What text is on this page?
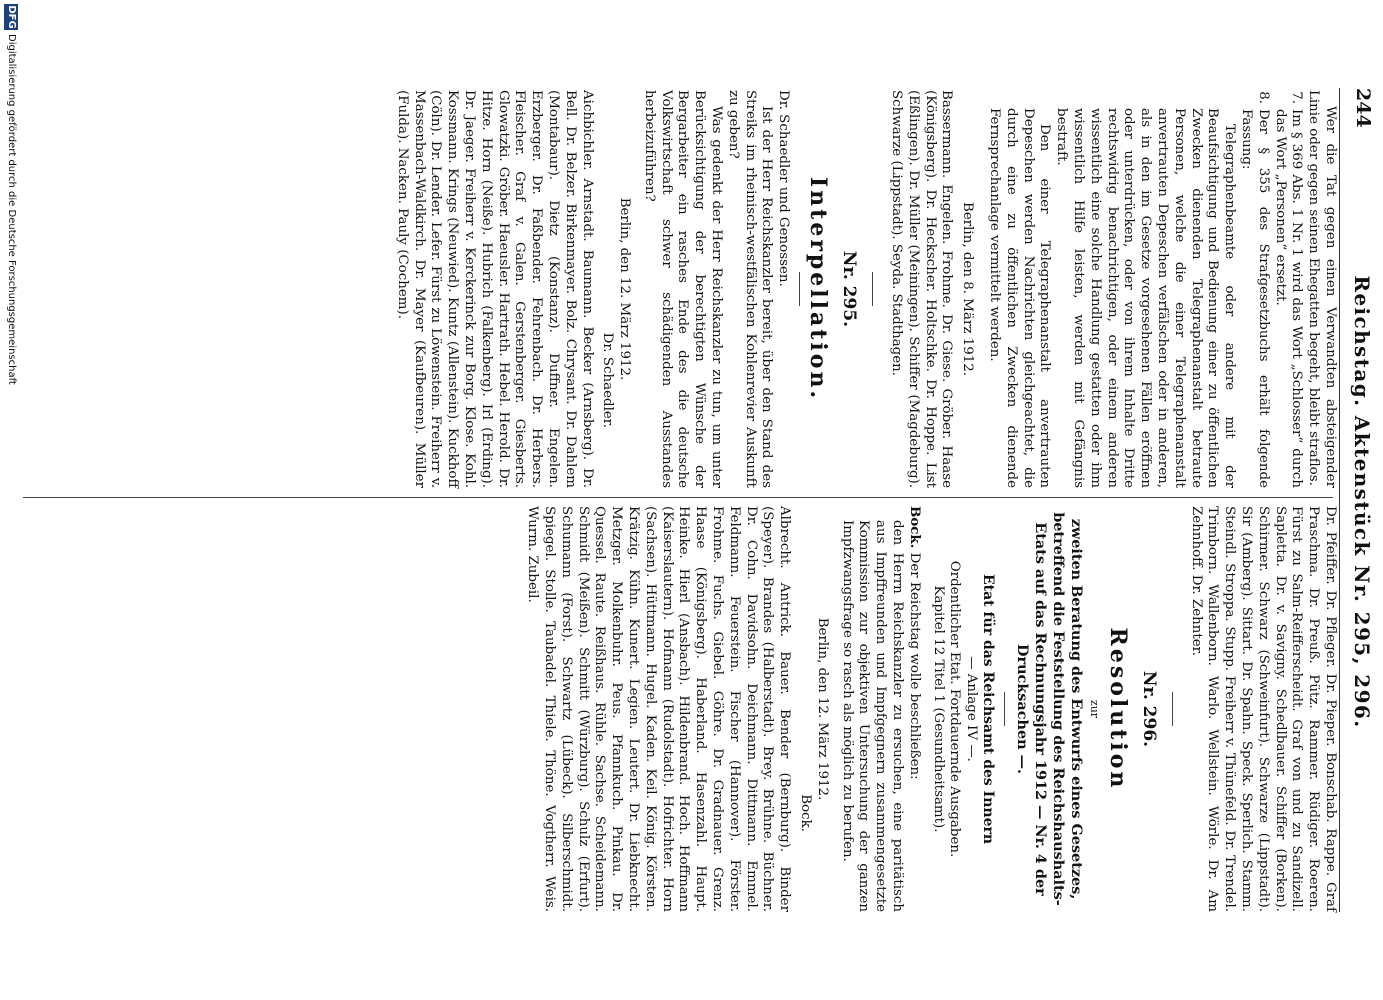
244
Reichstag. Aktenstück Nr. 295, 296.

Wer die Tat gegen einen Verwandten absteigender Linie oder gegen seinen Ehegatten begeht, bleibt straflos.

7.
Im § 369 Abs. 1 Nr. 1 wird das Wort „Schlosser“ durch das Wort „Personen“ ersetzt.
8.
Der § 355 des Strafgesetzbuchs erhält folgende Fassung:

Telegraphenbeamte oder andere mit der Beaufsichtigung und Bedienung einer zu öffentlichen Zwecken dienenden Telegraphenanstalt betraute Personen, welche die einer Telegraphenanstalt anvertrauten Depeschen verfälschen oder in anderen, als in den im Gesetze vorgesehenen Fällen eröffnen oder unterdrücken, oder von ihrem Inhalte Dritte rechtswidrig benachrichtigen, oder einem anderen wissentlich eine solche Handlung gestatten oder ihm wissentlich Hilfe leisten, werden mit Gefängnis bestraft.

Den einer Telegraphenanstalt anvertrauten Depeschen werden Nachrichten gleichgeachtet, die durch eine zu öffentlichen Zwecken dienende Fernsprechanlage vermittelt werden.

Berlin, den 8. März 1912.

Bassermann. Engelen. Frohme. Dr. Giese. Gröber. Haase (Königsberg). Dr. Heckscher. Holtschke. Dr. Hoppe. List (Eßlingen). Dr. Müller (Meiningen). Schiffer (Magdeburg). Schwarze (Lippstadt). Seyda. Stadthagen.

Nr. 295.
Interpellation.

Dr. Schaedler und Genossen.

Ist der Herr Reichskanzler bereit, über den Stand des Streiks im rheinisch-westfälischen Kohlenrevier Auskunft zu geben?

Was gedenkt der Herr Reichskanzler zu tun, um unter Berücksichtigung der berechtigten Wünsche der Bergarbeiter ein rasches Ende des die deutsche Volkswirtschaft schwer schädigenden Ausstandes herbeizuführen?

Berlin, den 12. März 1912.

Dr. Schaedler.

Aichbichler. Arnstadt. Baumann. Becker (Arnsberg). Dr. Bell. Dr. Belzer. Birkenmayer. Bolz. Chrysant. Dr. Dahlem (Montabaur). Dietz (Konstanz). Duffner. Engelen. Erzberger. Dr. Faßbender. Fehrenbach. Dr. Herbers. Fleischer. Graf v. Galen. Gerstenberger. Giesberts. Glowatzki. Gröber. Haeusler. Hartrath. Hebel. Herold. Dr. Hitze. Horn (Neiße). Hubrich (Falkenberg). Irl (Erding). Dr. Jaeger. Freiherr v. Kerckerinck zur Borg. Klose. Kohl. Kossmann. Krings (Neuwied). Kuntz (Allenstein). Kuckhoff (Cöln). Dr. Lender. Lefer. Fürst zu Löwenstein. Freiherr v. Massenbach-Waldkirch. Dr. Mayer (Kaufbeuren). Müller (Fulda). Nacken. Pauly (Cochem).

Dr. Pfeiffer. Dr. Pfleger. Dr. Pieper. Bonschab. Rappe. Graf Praschma. Dr. Preuß. Pütz. Rammer. Rüdiger. Roeren. Fürst zu Salm-Reifferscheidt. Graf von und zu Sandizell. Sapletta. Dr. v. Savigny. Schedlbauer. Schiffer (Borken). Schirmer. Schwarz (Schweinfurt). Schwarze (Lippstadt). Sir (Amberg). Sittart. Dr. Spahn. Speck. Sperlich. Stamm. Steindl. Stroppa. Stupp. Freiherr v. Thünefeld. Dr. Trendel. Trimborn. Wallenborn. Warlo. Wellstein. Wörle. Dr. Am Zehnhoff. Dr. Zehnter.

Nr. 296.
Resolution

zur

zweiten Beratung des Entwurfs eines Gesetzes, betreffend die Feststellung des Reichshaushalts-Etats auf das Rechnungsjahr 1912 — Nr. 4 der Drucksachen —.

Etat für das Reichsamt des Innern

— Anlage IV —.

Ordentlicher Etat. Fortdauernde Ausgaben.

Kapitel 12 Titel 1 (Gesundheitsamt).

Bock. Der Reichstag wolle beschließen:

den Herrn Reichskanzler zu ersuchen, eine paritätisch aus Impffreunden und Impfgegnern zusammengesetzte Kommission zur objektiven Untersuchung der ganzen Impfzwangsfrage so rasch als möglich zu berufen.

Berlin, den 12. März 1912.

Bock.

Albrecht. Antrick. Bauer. Bender (Bernburg). Binder (Speyer). Brandes (Halberstadt). Brey. Brühne. Büchner. Dr. Cohn. Davidsohn. Deichmann. Dittmann. Emmel. Feldmann. Feuerstein. Fischer (Hannover). Förster. Frohme. Fuchs. Giebel. Göhre. Dr. Gradnauer. Grenz. Haase (Königsberg). Haberland. Hasenzahl. Haupt. Heinke. Hierl (Ansbach). Hildenbrand. Hoch. Hoffmann (Kaiserslautern). Hofmann (Rudolstadt). Hofrichter. Horn (Sachsen). Hüttmann. Hugel. Kaden. Keil. König. Körsten. Krätzig. Kühn. Kunert. Legien. Leutert. Dr. Liebknecht. Metzger. Molkenbuhr. Peus. Pfannkuch. Pinkau. Dr. Quessel. Raute. Reißhaus. Rühle. Sachse. Scheidemann. Schmidt (Meißen). Schmitt (Würzburg). Schulz (Erfurt). Schumann (Forst). Schwartz (Lübeck). Silberschmidt. Spiegel. Stolle. Taubadel. Thiele. Thöne. Vogtherr. Weis. Wurm. Zubeil.

DFG
Digitalisierung gefördert durch die Deutsche Forschungsgemeinschaft
